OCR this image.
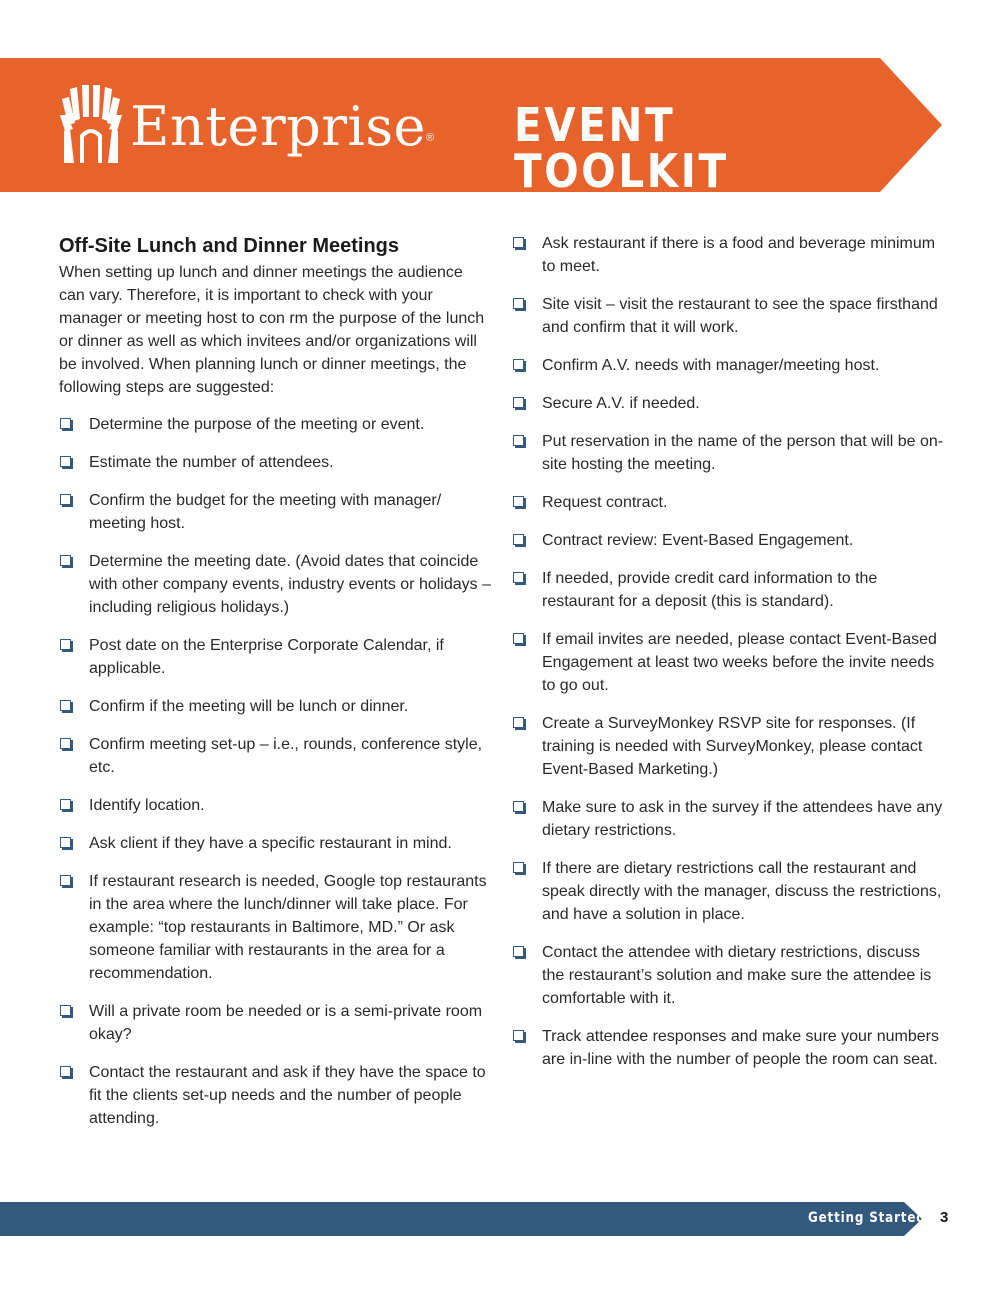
Enterprise ® EVENT TOOLKIT
Off-Site Lunch and Dinner Meetings
When setting up lunch and dinner meetings the audience can vary. Therefore, it is important to check with your manager or meeting host to con rm the purpose of the lunch or dinner as well as which invitees and/or organizations will be involved. When planning lunch or dinner meetings, the following steps are suggested:
Determine the purpose of the meeting or event.
Estimate the number of attendees.
Confirm the budget for the meeting with manager/ meeting host.
Determine the meeting date. (Avoid dates that coincide with other company events, industry events or holidays – including religious holidays.)
Post date on the Enterprise Corporate Calendar, if applicable.
Confirm if the meeting will be lunch or dinner.
Confirm meeting set-up – i.e., rounds, conference style, etc.
Identify location.
Ask client if they have a specific restaurant in mind.
If restaurant research is needed, Google top restaurants in the area where the lunch/dinner will take place. For example: “top restaurants in Baltimore, MD.” Or ask someone familiar with restaurants in the area for a recommendation.
Will a private room be needed or is a semi-private room okay?
Contact the restaurant and ask if they have the space to fit the clients set-up needs and the number of people attending.
Ask restaurant if there is a food and beverage minimum to meet.
Site visit – visit the restaurant to see the space firsthand and confirm that it will work.
Confirm A.V. needs with manager/meeting host.
Secure A.V. if needed.
Put reservation in the name of the person that will be on-site hosting the meeting.
Request contract.
Contract review: Event-Based Engagement.
If needed, provide credit card information to the restaurant for a deposit (this is standard).
If email invites are needed, please contact Event-Based Engagement at least two weeks before the invite needs to go out.
Create a SurveyMonkey RSVP site for responses. (If training is needed with SurveyMonkey, please contact Event-Based Marketing.)
Make sure to ask in the survey if the attendees have any dietary restrictions.
If there are dietary restrictions call the restaurant and speak directly with the manager, discuss the restrictions, and have a solution in place.
Contact the attendee with dietary restrictions, discuss the restaurant’s solution and make sure the attendee is comfortable with it.
Track attendee responses and make sure your numbers are in-line with the number of people the room can seat.
Getting Started 3
